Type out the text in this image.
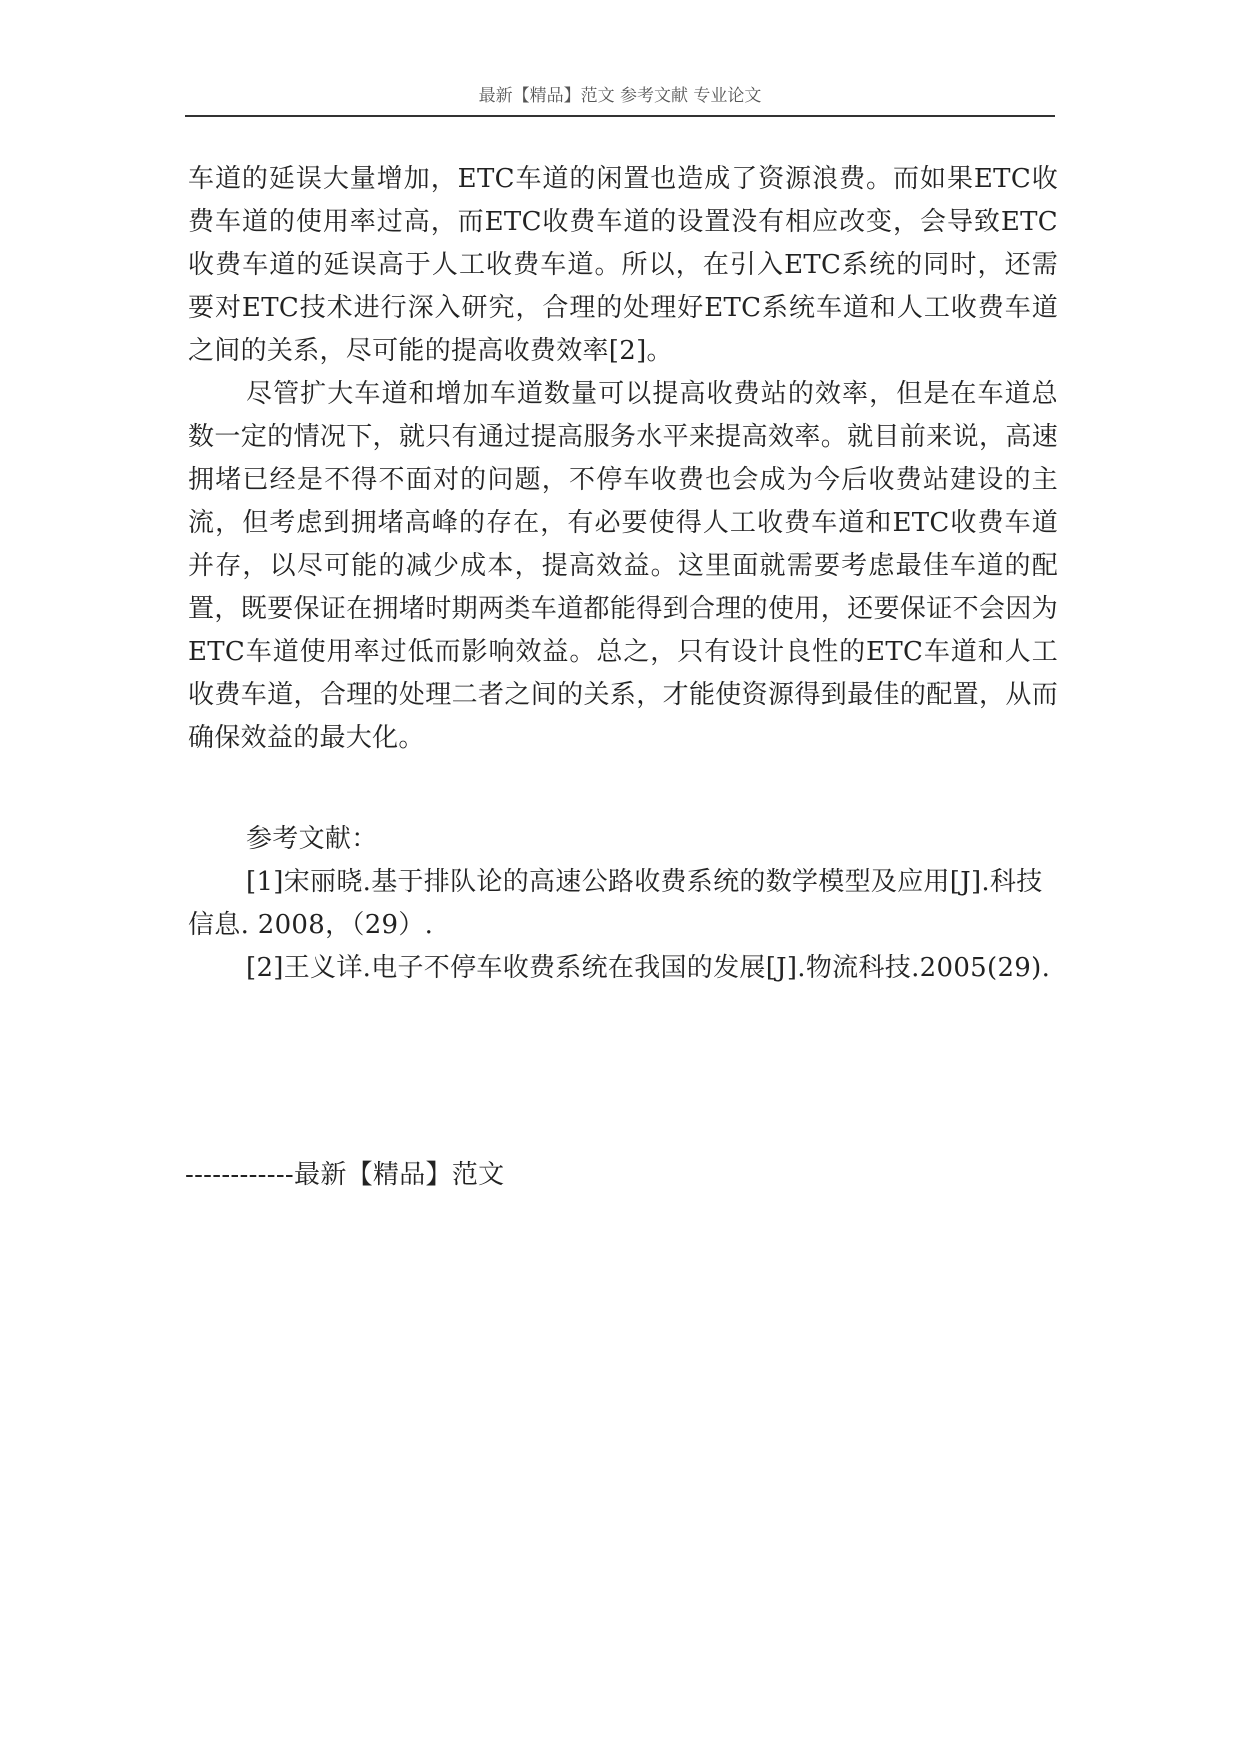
最新【精品】范文 参考文献 专业论文

车道的延误大量增加，ETC车道的闲置也造成了资源浪费。而如果ETC收费车道的使用率过高，而ETC收费车道的设置没有相应改变，会导致ETC收费车道的延误高于人工收费车道。所以，在引入ETC系统的同时，还需要对ETC技术进行深入研究，合理的处理好ETC系统车道和人工收费车道之间的关系，尽可能的提高收费效率[2]。

尽管扩大车道和增加车道数量可以提高收费站的效率，但是在车道总数一定的情况下，就只有通过提高服务水平来提高效率。就目前来说，高速拥堵已经是不得不面对的问题，不停车收费也会成为今后收费站建设的主流，但考虑到拥堵高峰的存在，有必要使得人工收费车道和ETC收费车道并存，以尽可能的减少成本，提高效益。这里面就需要考虑最佳车道的配置，既要保证在拥堵时期两类车道都能得到合理的使用，还要保证不会因为ETC车道使用率过低而影响效益。总之，只有设计良性的ETC车道和人工收费车道，合理的处理二者之间的关系，才能使资源得到最佳的配置，从而确保效益的最大化。

参考文献：

[1]宋丽晓.基于排队论的高速公路收费系统的数学模型及应用[J].科技信息. 2008，（29）.

[2]王义详.电子不停车收费系统在我国的发展[J].物流科技.2005(29).

------------最新【精品】范文
